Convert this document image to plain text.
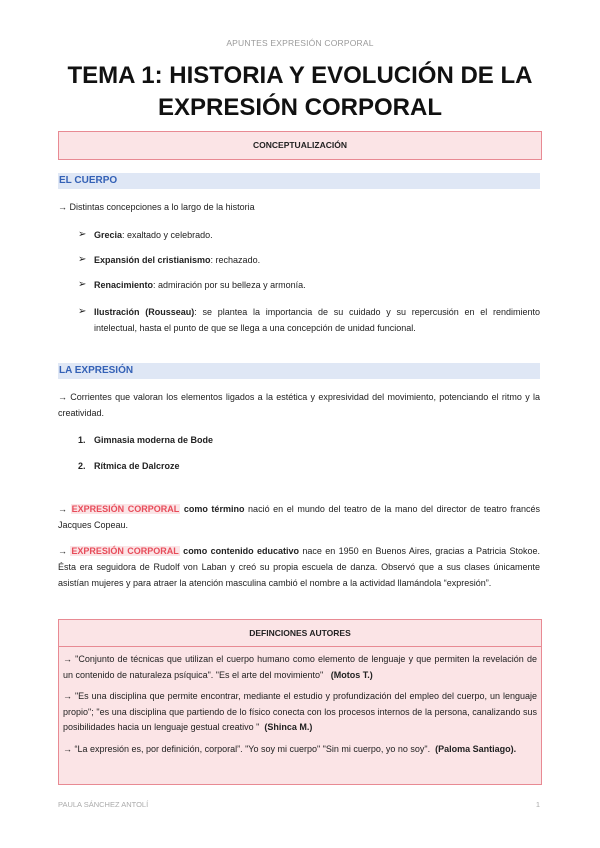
APUNTES EXPRESIÓN CORPORAL
TEMA 1: HISTORIA Y EVOLUCIÓN DE LA
EXPRESIÓN CORPORAL
CONCEPTUALIZACIÓN
EL CUERPO
→ Distintas concepciones a lo largo de la historia
➢ Grecia: exaltado y celebrado.
➢ Expansión del cristianismo: rechazado.
➢ Renacimiento: admiración por su belleza y armonía.
➢ Ilustración (Rousseau): se plantea la importancia de su cuidado y su repercusión en el rendimiento intelectual, hasta el punto de que se llega a una concepción de unidad funcional.
LA EXPRESIÓN
→ Corrientes que valoran los elementos ligados a la estética y expresividad del movimiento, potenciando el ritmo y la creatividad.
1. Gimnasia moderna de Bode
2. Rítmica de Dalcroze
→ EXPRESIÓN CORPORAL como término nació en el mundo del teatro de la mano del director de teatro francés Jacques Copeau.
→ EXPRESIÓN CORPORAL como contenido educativo nace en 1950 en Buenos Aires, gracias a Patricia Stokoe. Ésta era seguidora de Rudolf von Laban y creó su propia escuela de danza. Observó que a sus clases únicamente asistían mujeres y para atraer la atención masculina cambió el nombre a la actividad llamándola “expresión”.
DEFINCIONES AUTORES
→ "Conjunto de técnicas que utilizan el cuerpo humano como elemento de lenguaje y que permiten la revelación de un contenido de naturaleza psíquica". "Es el arte del movimiento" (Motos T.)
→ "Es una disciplina que permite encontrar, mediante el estudio y profundización del empleo del cuerpo, un lenguaje propio"; "es una disciplina que partiendo de lo físico conecta con los procesos internos de la persona, canalizando sus posibilidades hacia un lenguaje gestual creativo " (Shinca M.)
→ “La expresión es, por definición, corporal”. "Yo soy mi cuerpo" "Sin mi cuerpo, yo no soy". (Paloma Santiago).
PAULA SÁNCHEZ ANTOLÍ	1
